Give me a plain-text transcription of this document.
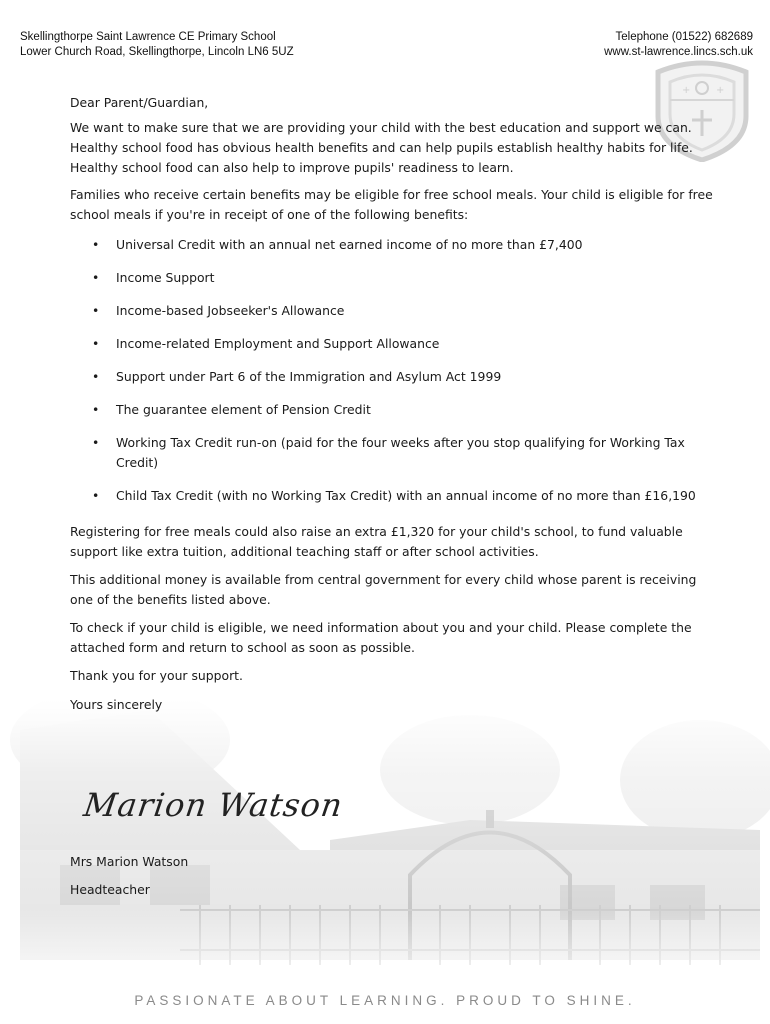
Skellingthorpe Saint Lawrence CE Primary School
Lower Church Road, Skellingthorpe, Lincoln LN6 5UZ
Telephone (01522) 682689
www.st-lawrence.lincs.sch.uk
+	+

Dear Parent/Guardian,

We want to make sure that we are providing your child with the best education and support we can. Healthy school food has obvious health benefits and can help pupils establish healthy habits for life. Healthy school food can also help to improve pupils' readiness to learn.

Families who receive certain benefits may be eligible for free school meals. Your child is eligible for free school meals if you're in receipt of one of the following benefits:

• Universal Credit with an annual net earned income of no more than £7,400
• Income Support
• Income-based Jobseeker's Allowance
• Income-related Employment and Support Allowance
• Support under Part 6 of the Immigration and Asylum Act 1999
• The guarantee element of Pension Credit
• Working Tax Credit run-on (paid for the four weeks after you stop qualifying for Working Tax Credit)
• Child Tax Credit (with no Working Tax Credit) with an annual income of no more than £16,190

Registering for free meals could also raise an extra £1,320 for your child's school, to fund valuable support like extra tuition, additional teaching staff or after school activities.

This additional money is available from central government for every child whose parent is receiving one of the benefits listed above.

To check if your child is eligible, we need information about you and your child. Please complete the attached form and return to school as soon as possible.

Thank you for your support.

Yours sincerely

Marion Watson
Mrs Marion Watson
Headteacher
PASSIONATE ABOUT LEARNING. PROUD TO SHINE.
